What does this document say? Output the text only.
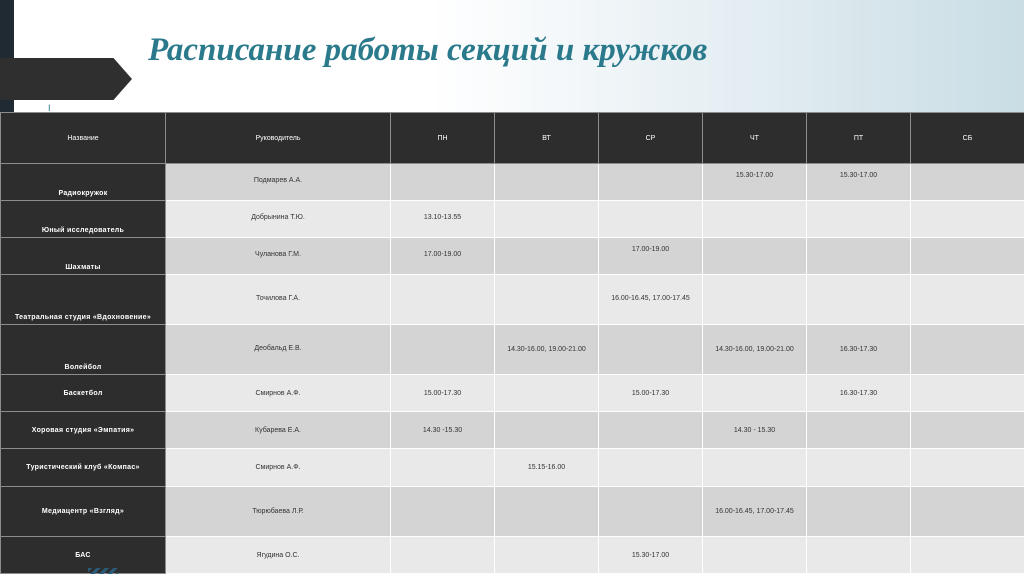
Расписание работы секций и кружков
I
Название	Руководитель	ПН	ВТ	СР	ЧТ	ПТ	СБ
Радиокружок	Подмарев А.А.				15.30-17.00	15.30-17.00	
Юный исследователь	Добрынина Т.Ю.	13.10-13.55					
Шахматы	Чуланова Г.М.	17.00-19.00		17.00-19.00			
Театральная студия «Вдохновение»	Точилова Г.А.			16.00-16.45, 17.00-17.45			
Волейбол	Деобальд Е.В.		14.30-16.00, 19.00-21.00		14.30-16.00, 19.00-21.00	16.30-17.30	
Баскетбол	Смирнов А.Ф.	15.00-17.30		15.00-17.30		16.30-17.30	
Хоровая студия «Эмпатия»	Кубарева Е.А.	14.30 -15.30			14.30 - 15.30		
Туристический клуб «Компас»	Смирнов А.Ф.		15.15-16.00				
Медиацентр «Взгляд»	Тюрюбаева Л.Р.				16.00-16.45, 17.00-17.45		
БАС	Ягудина О.С.			15.30-17.00			
